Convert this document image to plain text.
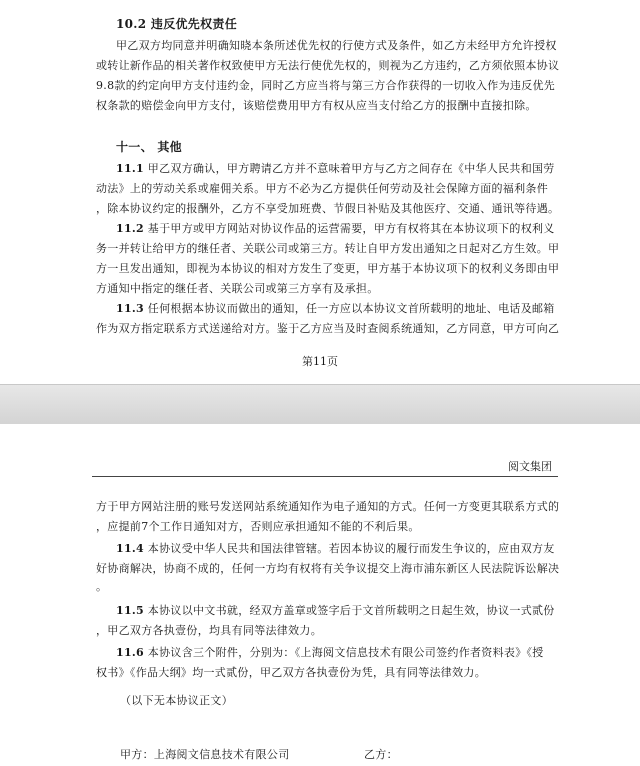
10.2 违反优先权责任
甲乙双方均同意并明确知晓本条所述优先权的行使方式及条件，如乙方未经甲方允许授权
或转让新作品的相关著作权致使甲方无法行使优先权的，则视为乙方违约，乙方须依照本协议
9.8款的约定向甲方支付违约金，同时乙方应当将与第三方合作获得的一切收入作为违反优先
权条款的赔偿金向甲方支付，该赔偿费用甲方有权从应当支付给乙方的报酬中直接扣除。
十一、 其他
11.1 甲乙双方确认，甲方聘请乙方并不意味着甲方与乙方之间存在《中华人民共和国劳
动法》上的劳动关系或雇佣关系。甲方不必为乙方提供任何劳动及社会保障方面的福利条件
，除本协议约定的报酬外，乙方不享受加班费、节假日补贴及其他医疗、交通、通讯等待遇。
11.2 基于甲方或甲方网站对协议作品的运营需要，甲方有权将其在本协议项下的权利义
务一并转让给甲方的继任者、关联公司或第三方。转让自甲方发出通知之日起对乙方生效。甲
方一旦发出通知，即视为本协议的相对方发生了变更，甲方基于本协议项下的权利义务即由甲
方通知中指定的继任者、关联公司或第三方享有及承担。
11.3 任何根据本协议而做出的通知，任一方应以本协议文首所载明的地址、电话及邮箱
作为双方指定联系方式送递给对方。鉴于乙方应当及时查阅系统通知，乙方同意，甲方可向乙
第11页
阅文集团
方于甲方网站注册的账号发送网站系统通知作为电子通知的方式。任何一方变更其联系方式的
，应提前7个工作日通知对方，否则应承担通知不能的不利后果。
11.4 本协议受中华人民共和国法律管辖。若因本协议的履行而发生争议的，应由双方友
好协商解决，协商不成的，任何一方均有权将有关争议提交上海市浦东新区人民法院诉讼解决
。
11.5 本协议以中文书就，经双方盖章或签字后于文首所载明之日起生效，协议一式贰份
，甲乙双方各执壹份，均具有同等法律效力。
11.6 本协议含三个附件，分别为：《上海阅文信息技术有限公司签约作者资料表》《授
权书》《作品大纲》均一式贰份，甲乙双方各执壹份为凭，具有同等法律效力。
（以下无本协议正文）
甲方：上海阅文信息技术有限公司	乙方：
